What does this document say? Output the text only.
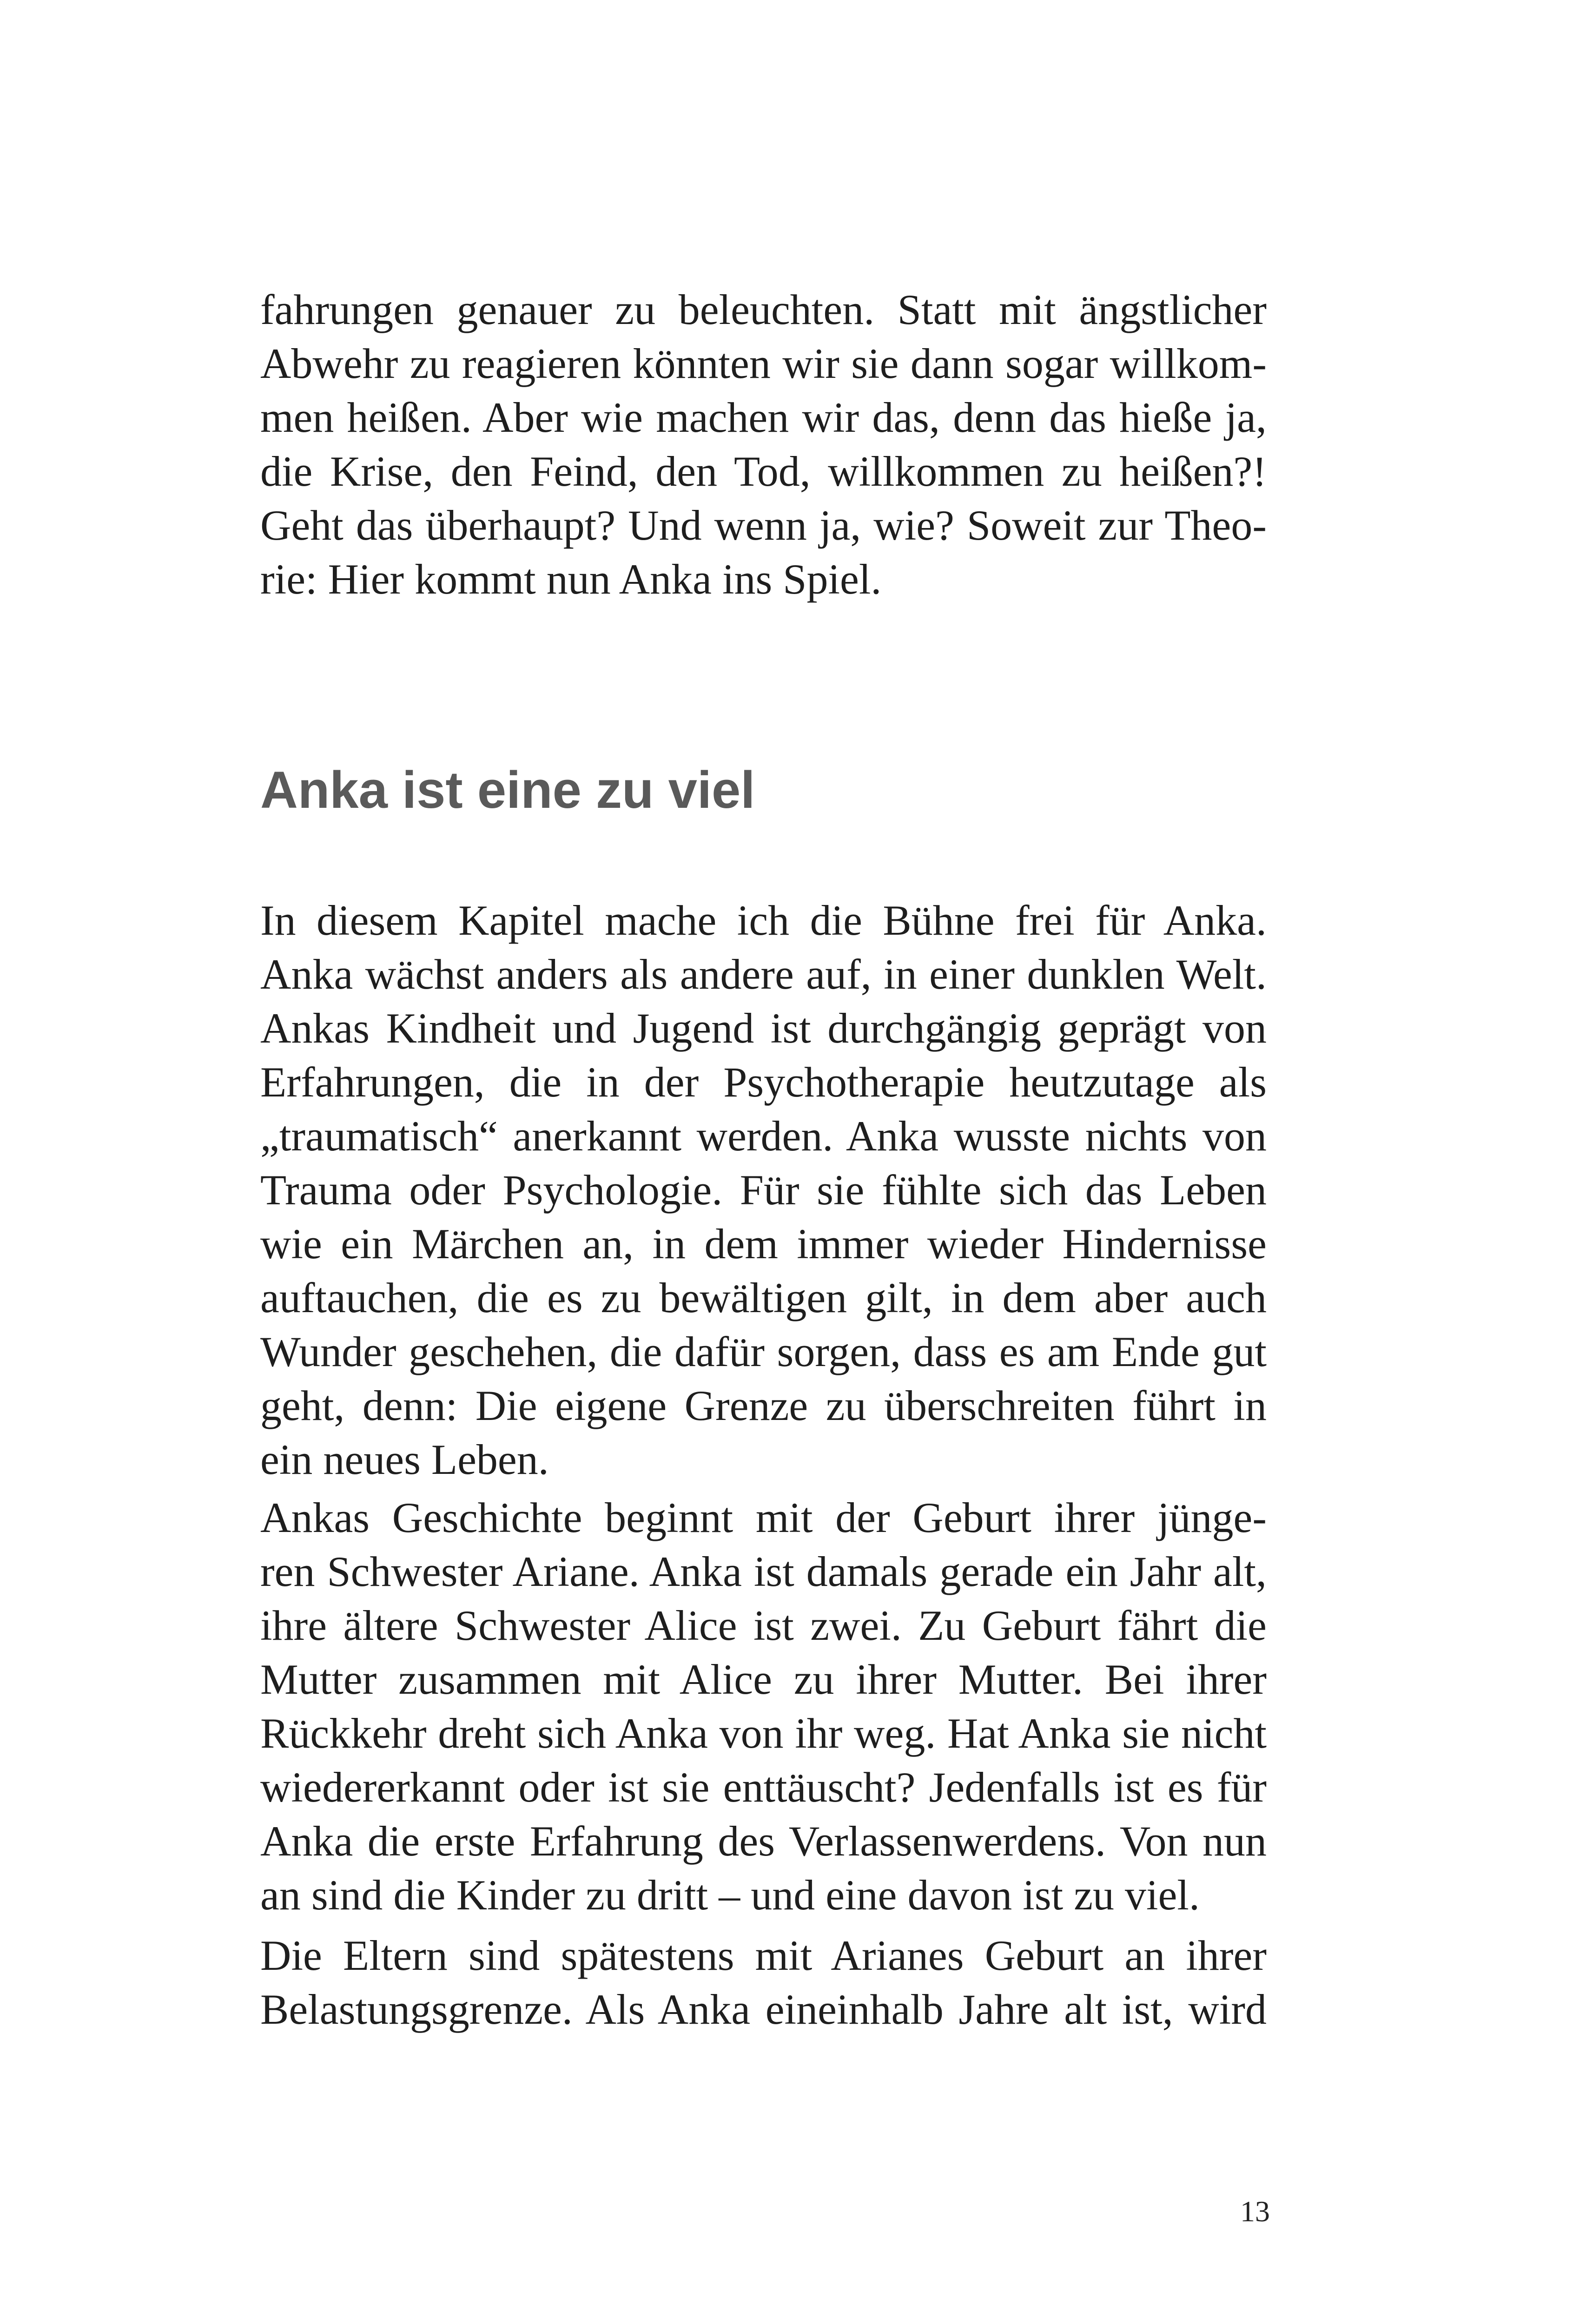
fahrungen genauer zu beleuchten. Statt mit ängstlicher
Abwehr zu reagieren könnten wir sie dann sogar willkom-
men heißen. Aber wie machen wir das, denn das hieße ja,
die Krise, den Feind, den Tod, willkommen zu heißen?!
Geht das überhaupt? Und wenn ja, wie? Soweit zur Theo-
rie: Hier kommt nun Anka ins Spiel.
Anka ist eine zu viel
In diesem Kapitel mache ich die Bühne frei für Anka.
Anka wächst anders als andere auf, in einer dunklen Welt.
Ankas Kindheit und Jugend ist durchgängig geprägt von
Erfahrungen, die in der Psychotherapie heutzutage als
„traumatisch“ anerkannt werden. Anka wusste nichts von
Trauma oder Psychologie. Für sie fühlte sich das Leben
wie ein Märchen an, in dem immer wieder Hindernisse
auftauchen, die es zu bewältigen gilt, in dem aber auch
Wunder geschehen, die dafür sorgen, dass es am Ende gut
geht, denn: Die eigene Grenze zu überschreiten führt in
ein neues Leben.
Ankas Geschichte beginnt mit der Geburt ihrer jünge-
ren Schwester Ariane. Anka ist damals gerade ein Jahr alt,
ihre ältere Schwester Alice ist zwei. Zu Geburt fährt die
Mutter zusammen mit Alice zu ihrer Mutter. Bei ihrer
Rückkehr dreht sich Anka von ihr weg. Hat Anka sie nicht
wiedererkannt oder ist sie enttäuscht? Jedenfalls ist es für
Anka die erste Erfahrung des Verlassenwerdens. Von nun
an sind die Kinder zu dritt – und eine davon ist zu viel.
Die Eltern sind spätestens mit Arianes Geburt an ihrer
Belastungsgrenze. Als Anka eineinhalb Jahre alt ist, wird
13
